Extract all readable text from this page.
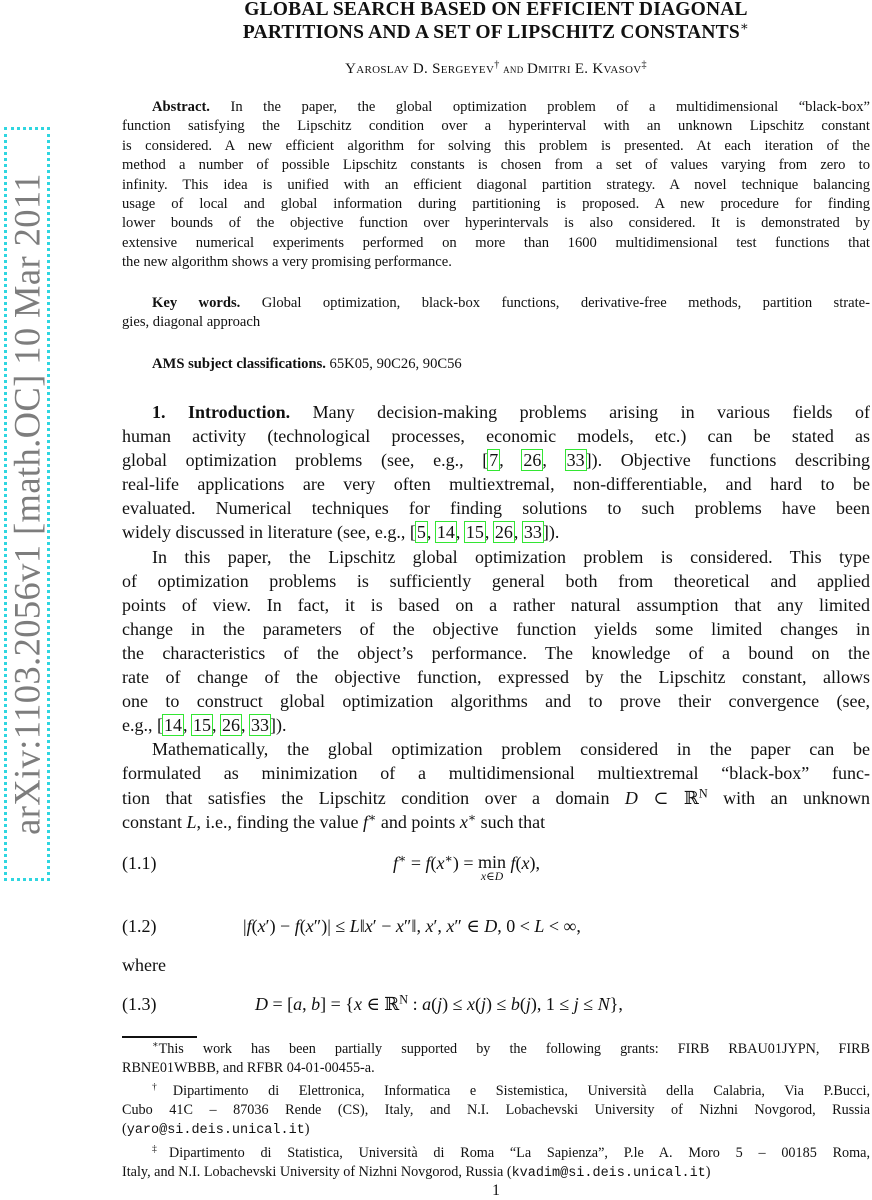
arXiv:1103.2056v1 [math.OC] 10 Mar 2011
GLOBAL SEARCH BASED ON EFFICIENT DIAGONAL
PARTITIONS AND A SET OF LIPSCHITZ CONSTANTS∗
Yaroslav D. Sergeyev† and Dmitri E. Kvasov‡
Abstract. In the paper, the global optimization problem of a multidimensional “black-box”
function satisfying the Lipschitz condition over a hyperinterval with an unknown Lipschitz constant
is considered. A new efficient algorithm for solving this problem is presented. At each iteration of the
method a number of possible Lipschitz constants is chosen from a set of values varying from zero to
infinity. This idea is unified with an efficient diagonal partition strategy. A novel technique balancing
usage of local and global information during partitioning is proposed. A new procedure for finding
lower bounds of the objective function over hyperintervals is also considered. It is demonstrated by
extensive numerical experiments performed on more than 1600 multidimensional test functions that
the new algorithm shows a very promising performance.
Key words. Global optimization, black-box functions, derivative-free methods, partition strate-
gies, diagonal approach
AMS subject classifications. 65K05, 90C26, 90C56
1. Introduction. Many decision-making problems arising in various fields of
human activity (technological processes, economic models, etc.) can be stated as
global optimization problems (see, e.g., [7, 26, 33]). Objective functions describing
real-life applications are very often multiextremal, non-differentiable, and hard to be
evaluated. Numerical techniques for finding solutions to such problems have been
widely discussed in literature (see, e.g., [5, 14, 15, 26, 33]).
In this paper, the Lipschitz global optimization problem is considered. This type
of optimization problems is sufficiently general both from theoretical and applied
points of view. In fact, it is based on a rather natural assumption that any limited
change in the parameters of the objective function yields some limited changes in
the characteristics of the object’s performance. The knowledge of a bound on the
rate of change of the objective function, expressed by the Lipschitz constant, allows
one to construct global optimization algorithms and to prove their convergence (see,
e.g., [14, 15, 26, 33]).
Mathematically, the global optimization problem considered in the paper can be
formulated as minimization of a multidimensional multiextremal “black-box” func-
tion that satisfies the Lipschitz condition over a domain D ⊂ ℝ$^N$ with an unknown
constant L, i.e., finding the value f∗ and points x∗ such that
(1.1)	f∗ = f(x∗) = min
x∈D
f(x),
(1.2)	|f(x′) − f(x″)| ≤ L‖x′ − x″‖, x′, x″ ∈ D, 0 < L < ∞,
where
(1.3)	D = [a, b] = {x ∈ ℝ$^N$ : a(j) ≤ x(j) ≤ b(j), 1 ≤ j ≤ N},
∗This work has been partially supported by the following grants: FIRB RBAU01JYPN, FIRB
RBNE01WBBB, and RFBR 04-01-00455-a.
†Dipartimento di Elettronica, Informatica e Sistemistica, Università della Calabria, Via P.Bucci,
Cubo 41C – 87036 Rende (CS), Italy, and N.I. Lobachevski University of Nizhni Novgorod, Russia
(yaro@si.deis.unical.it)
‡Dipartimento di Statistica, Università di Roma “La Sapienza”, P.le A. Moro 5 – 00185 Roma,
Italy, and N.I. Lobachevski University of Nizhni Novgorod, Russia (kvadim@si.deis.unical.it)
1
